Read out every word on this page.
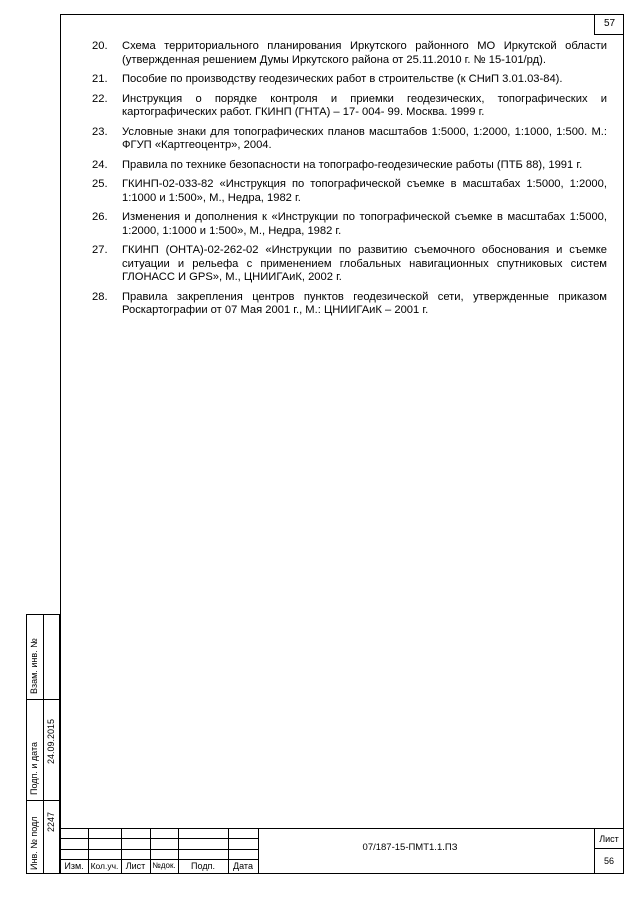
57
20.	Схема территориального планирования Иркутского районного МО Иркутской области (утвержденная решением Думы Иркутского района от 25.11.2010 г. № 15-101/рд).
21.	Пособие по производству геодезических работ в строительстве (к СНиП 3.01.03-84).
22.	Инструкция о порядке контроля и приемки геодезических, топографических и картографических работ. ГКИНП (ГНТА) – 17- 004- 99. Москва. 1999 г.
23.	Условные знаки для топографических планов масштабов 1:5000, 1:2000, 1:1000, 1:500. М.: ФГУП «Картгеоцентр», 2004.
24.	Правила по технике безопасности на топографо-геодезические работы (ПТБ 88), 1991 г.
25.	ГКИНП-02-033-82 «Инструкция по топографической съемке в масштабах 1:5000, 1:2000, 1:1000 и 1:500», М., Недра, 1982 г.
26.	Изменения и дополнения к «Инструкции по топографической съемке в масштабах 1:5000, 1:2000, 1:1000 и 1:500», М., Недра, 1982 г.
27.	ГКИНП (ОНТА)-02-262-02 «Инструкции по развитию съемочного обоснования и съемке ситуации и рельефа с применением глобальных навигационных спутниковых систем ГЛОНАСС И GPS», М., ЦНИИГАиК, 2002 г.
28.	Правила закрепления центров пунктов геодезической сети, утвержденные приказом Роскартографии от 07 Мая 2001 г., М.: ЦНИИГАиК – 2001 г.
Взам. инв. №
Подп. и дата
24.09.2015
Инв. № подл 2247
Изм. Кол.уч. Лист №док.	Подп.	Дата
07/187-15-ПМТ1.1.ПЗ
Лист
56
